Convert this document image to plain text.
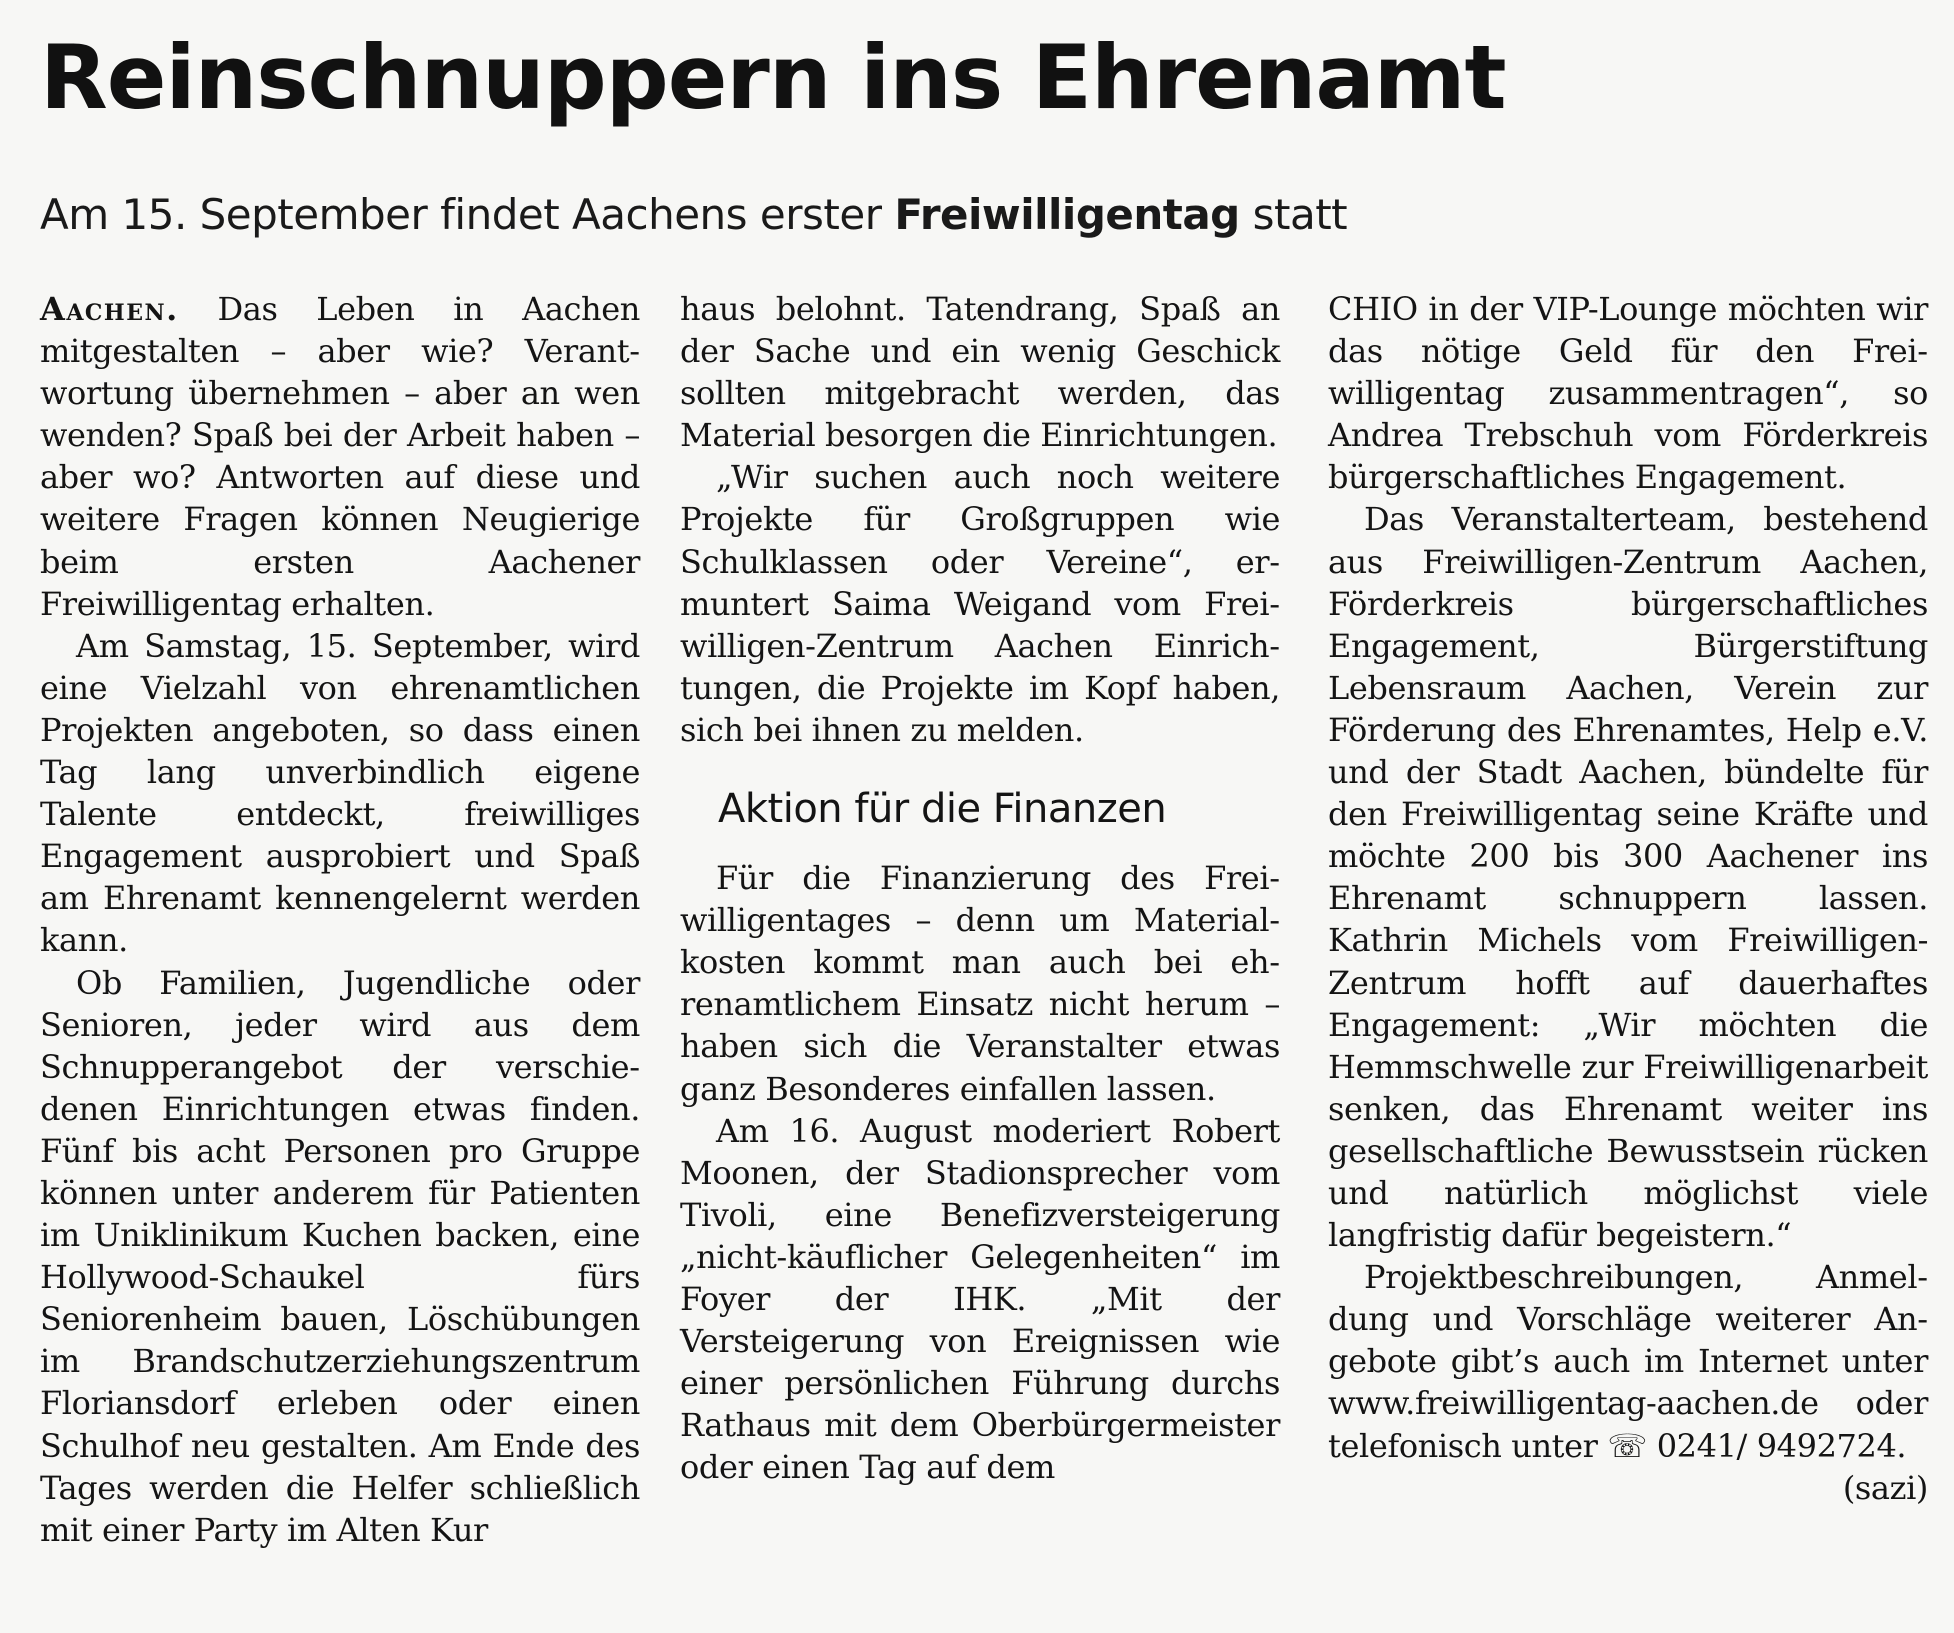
Reinschnuppern ins Ehrenamt
Am 15. September findet Aachens erster Freiwilligentag statt

Aachen. Das Leben in Aachen mitgestalten – aber wie? Verantwortung übernehmen – aber an wen wenden? Spaß bei der Arbeit haben – aber wo? Antworten auf diese und weitere Fragen können Neugierige beim ersten Aachener Freiwilligentag erhalten.

Am Samstag, 15. September, wird eine Vielzahl von ehrenamtlichen Projekten angeboten, so dass einen Tag lang unverbindlich eigene Talente entdeckt, freiwilliges Engagement ausprobiert und Spaß am Ehrenamt kennengelernt werden kann.

Ob Familien, Jugendliche oder Senioren, jeder wird aus dem Schnupperangebot der verschiedenen Einrichtungen etwas finden. Fünf bis acht Personen pro Gruppe können unter anderem für Patienten im Uniklinikum Kuchen backen, eine Hollywood-Schaukel fürs Seniorenheim bauen, Löschübungen im Brandschutzerziehungszentrum Floriansdorf erleben oder einen Schulhof neu gestalten. Am Ende des Tages werden die Helfer schließlich mit einer Party im Alten Kur

haus belohnt. Tatendrang, Spaß an der Sache und ein wenig Geschick sollten mitgebracht werden, das Material besorgen die Einrichtungen.

„Wir suchen auch noch weitere Projekte für Großgruppen wie Schulklassen oder Vereine“, ermuntert Saima Weigand vom Freiwilligen-Zentrum Aachen Einrichtungen, die Projekte im Kopf haben, sich bei ihnen zu melden.

Aktion für die Finanzen

Für die Finanzierung des Freiwilligentages – denn um Materialkosten kommt man auch bei ehrenamtlichem Einsatz nicht herum – haben sich die Veranstalter etwas ganz Besonderes einfallen lassen.

Am 16. August moderiert Robert Moonen, der Stadionsprecher vom Tivoli, eine Benefizversteigerung „nicht-käuflicher Gelegenheiten“ im Foyer der IHK. „Mit der Versteigerung von Ereignissen wie einer persönlichen Führung durchs Rathaus mit dem Oberbürgermeister oder einen Tag auf dem

CHIO in der VIP-Lounge möchten wir das nötige Geld für den Freiwilligentag zusammentragen“, so Andrea Trebschuh vom Förderkreis bürgerschaftliches Engagement.

Das Veranstalterteam, bestehend aus Freiwilligen-Zentrum Aachen, Förderkreis bürgerschaftliches Engagement, Bürgerstiftung Lebensraum Aachen, Verein zur Förderung des Ehrenamtes, Help e.V. und der Stadt Aachen, bündelte für den Freiwilligentag seine Kräfte und möchte 200 bis 300 Aachener ins Ehrenamt schnuppern lassen. Kathrin Michels vom Freiwilligen-Zentrum hofft auf dauerhaftes Engagement: „Wir möchten die Hemmschwelle zur Freiwilligenarbeit senken, das Ehrenamt weiter ins gesellschaftliche Bewusstsein rücken und natürlich möglichst viele langfristig dafür begeistern.“

Projektbeschreibungen, Anmeldung und Vorschläge weiterer Angebote gibt’s auch im Internet unter www.freiwilligentag-aachen.de oder telefonisch unter ☏ 0241/ 9492724.

(sazi)
